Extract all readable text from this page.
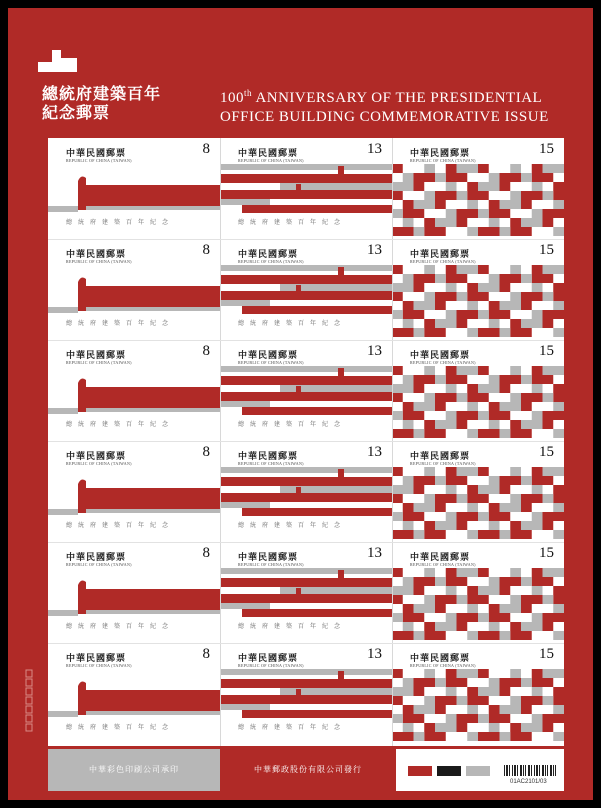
總統府建築百年
紀念郵票
100th ANNIVERSARY OF THE PRESIDENTIAL
OFFICE BUILDING COMMEMORATIVE ISSUE
中華民國郵票
REPUBLIC OF CHINA (TAIWAN)
8
總統府建築百年紀念
中華民國郵票
REPUBLIC OF CHINA (TAIWAN)
13
總統府建築百年紀念
中華民國郵票
REPUBLIC OF CHINA (TAIWAN)
15
中華民國郵票
REPUBLIC OF CHINA (TAIWAN)
8
總統府建築百年紀念
中華民國郵票
REPUBLIC OF CHINA (TAIWAN)
13
總統府建築百年紀念
中華民國郵票
REPUBLIC OF CHINA (TAIWAN)
15
中華民國郵票
REPUBLIC OF CHINA (TAIWAN)
8
總統府建築百年紀念
中華民國郵票
REPUBLIC OF CHINA (TAIWAN)
13
總統府建築百年紀念
中華民國郵票
REPUBLIC OF CHINA (TAIWAN)
15
中華民國郵票
REPUBLIC OF CHINA (TAIWAN)
8
總統府建築百年紀念
中華民國郵票
REPUBLIC OF CHINA (TAIWAN)
13
總統府建築百年紀念
中華民國郵票
REPUBLIC OF CHINA (TAIWAN)
15
中華民國郵票
REPUBLIC OF CHINA (TAIWAN)
8
總統府建築百年紀念
中華民國郵票
REPUBLIC OF CHINA (TAIWAN)
13
總統府建築百年紀念
中華民國郵票
REPUBLIC OF CHINA (TAIWAN)
15
中華民國郵票
REPUBLIC OF CHINA (TAIWAN)
8
總統府建築百年紀念
中華民國郵票
REPUBLIC OF CHINA (TAIWAN)
13
總統府建築百年紀念
中華民國郵票
REPUBLIC OF CHINA (TAIWAN)
15
中華彩色印刷公司承印	中華郵政股份有限公司發行
01AC2101/03
